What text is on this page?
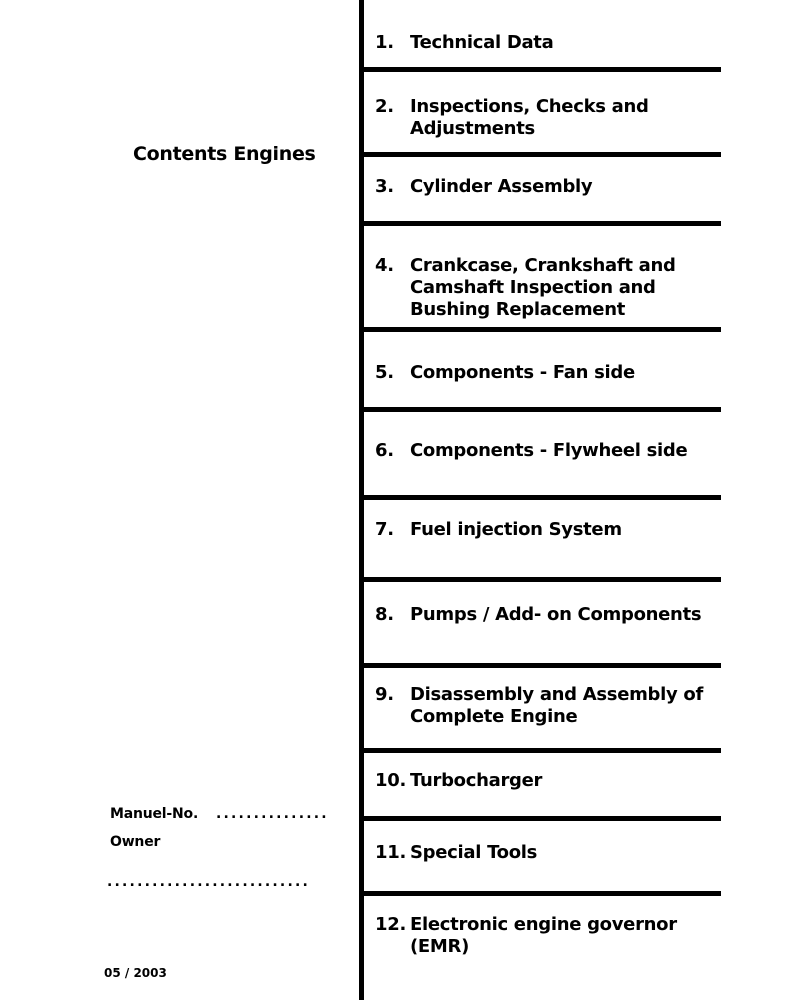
Contents Engines
1. Technical Data
2. Inspections, Checks and Adjustments
3. Cylinder Assembly
4. Crankcase, Crankshaft and Camshaft Inspection and Bushing Replacement
5. Components - Fan side
6. Components - Flywheel side
7. Fuel injection System
8. Pumps / Add- on Components
9. Disassembly and Assembly of Complete Engine
10. Turbocharger
11. Special Tools
12. Electronic engine governor (EMR)
Manuel-No. ...............
Owner
...........................
05 / 2003
